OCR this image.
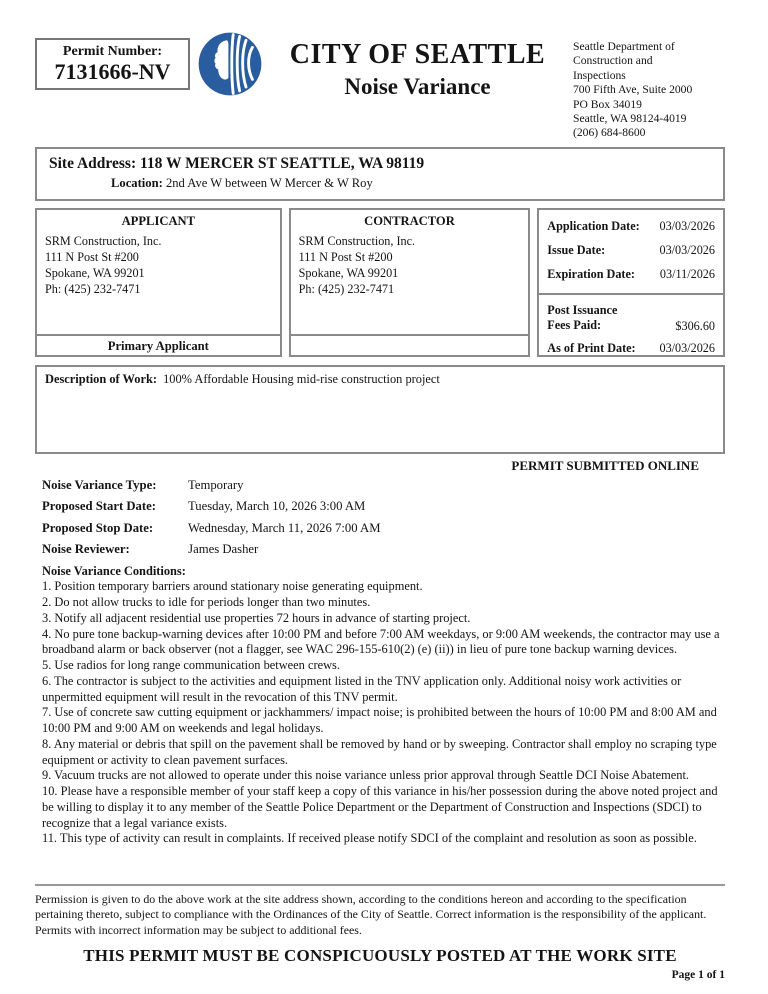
Permit Number:
7131666-NV
CITY OF SEATTLE
Noise Variance
Seattle Department of
Construction and
Inspections
700 Fifth Ave, Suite 2000
PO Box 34019
Seattle, WA 98124-4019
(206) 684-8600
Site Address: 118 W MERCER ST SEATTLE, WA 98119
Location: 2nd Ave W between W Mercer & W Roy
APPLICANT
SRM Construction, Inc.
111 N Post St #200
Spokane, WA 99201
Ph: (425) 232-7471
Primary Applicant
CONTRACTOR
SRM Construction, Inc.
111 N Post St #200
Spokane, WA 99201
Ph: (425) 232-7471
Application Date: 03/03/2026
Issue Date:	03/03/2026
Expiration Date: 03/11/2026
Post Issuance
Fees Paid:	$306.60
As of Print Date: 03/03/2026
Description of Work: 100% Affordable Housing mid-rise construction project
PERMIT SUBMITTED ONLINE
Noise Variance Type: Temporary
Proposed Start Date:	Tuesday, March 10, 2026 3:00 AM
Proposed Stop Date:	Wednesday, March 11, 2026 7:00 AM
Noise Reviewer:	James Dasher
Noise Variance Conditions:
1. Position temporary barriers around stationary noise generating equipment.
2. Do not allow trucks to idle for periods longer than two minutes.
3. Notify all adjacent residential use properties 72 hours in advance of starting project.
4. No pure tone backup-warning devices after 10:00 PM and before 7:00 AM weekdays, or 9:00 AM weekends, the contractor may use a broadband alarm or back observer (not a flagger, see WAC 296-155-610(2) (e) (ii)) in lieu of pure tone backup warning devices.
5. Use radios for long range communication between crews.
6. The contractor is subject to the activities and equipment listed in the TNV application only. Additional noisy work activities or unpermitted equipment will result in the revocation of this TNV permit.
7. Use of concrete saw cutting equipment or jackhammers/ impact noise; is prohibited between the hours of 10:00 PM and 8:00 AM and 10:00 PM and 9:00 AM on weekends and legal holidays.
8. Any material or debris that spill on the pavement shall be removed by hand or by sweeping. Contractor shall employ no scraping type equipment or activity to clean pavement surfaces.
9. Vacuum trucks are not allowed to operate under this noise variance unless prior approval through Seattle DCI Noise Abatement.
10. Please have a responsible member of your staff keep a copy of this variance in his/her possession during the above noted project and be willing to display it to any member of the Seattle Police Department or the Department of Construction and Inspections (SDCI) to recognize that a legal variance exists.
11. This type of activity can result in complaints. If received please notify SDCI of the complaint and resolution as soon as possible.
Permission is given to do the above work at the site address shown, according to the conditions hereon and according to the specification pertaining thereto, subject to compliance with the Ordinances of the City of Seattle. Correct information is the responsibility of the applicant. Permits with incorrect information may be subject to additional fees.
THIS PERMIT MUST BE CONSPICUOUSLY POSTED AT THE WORK SITE
Page 1 of 1
